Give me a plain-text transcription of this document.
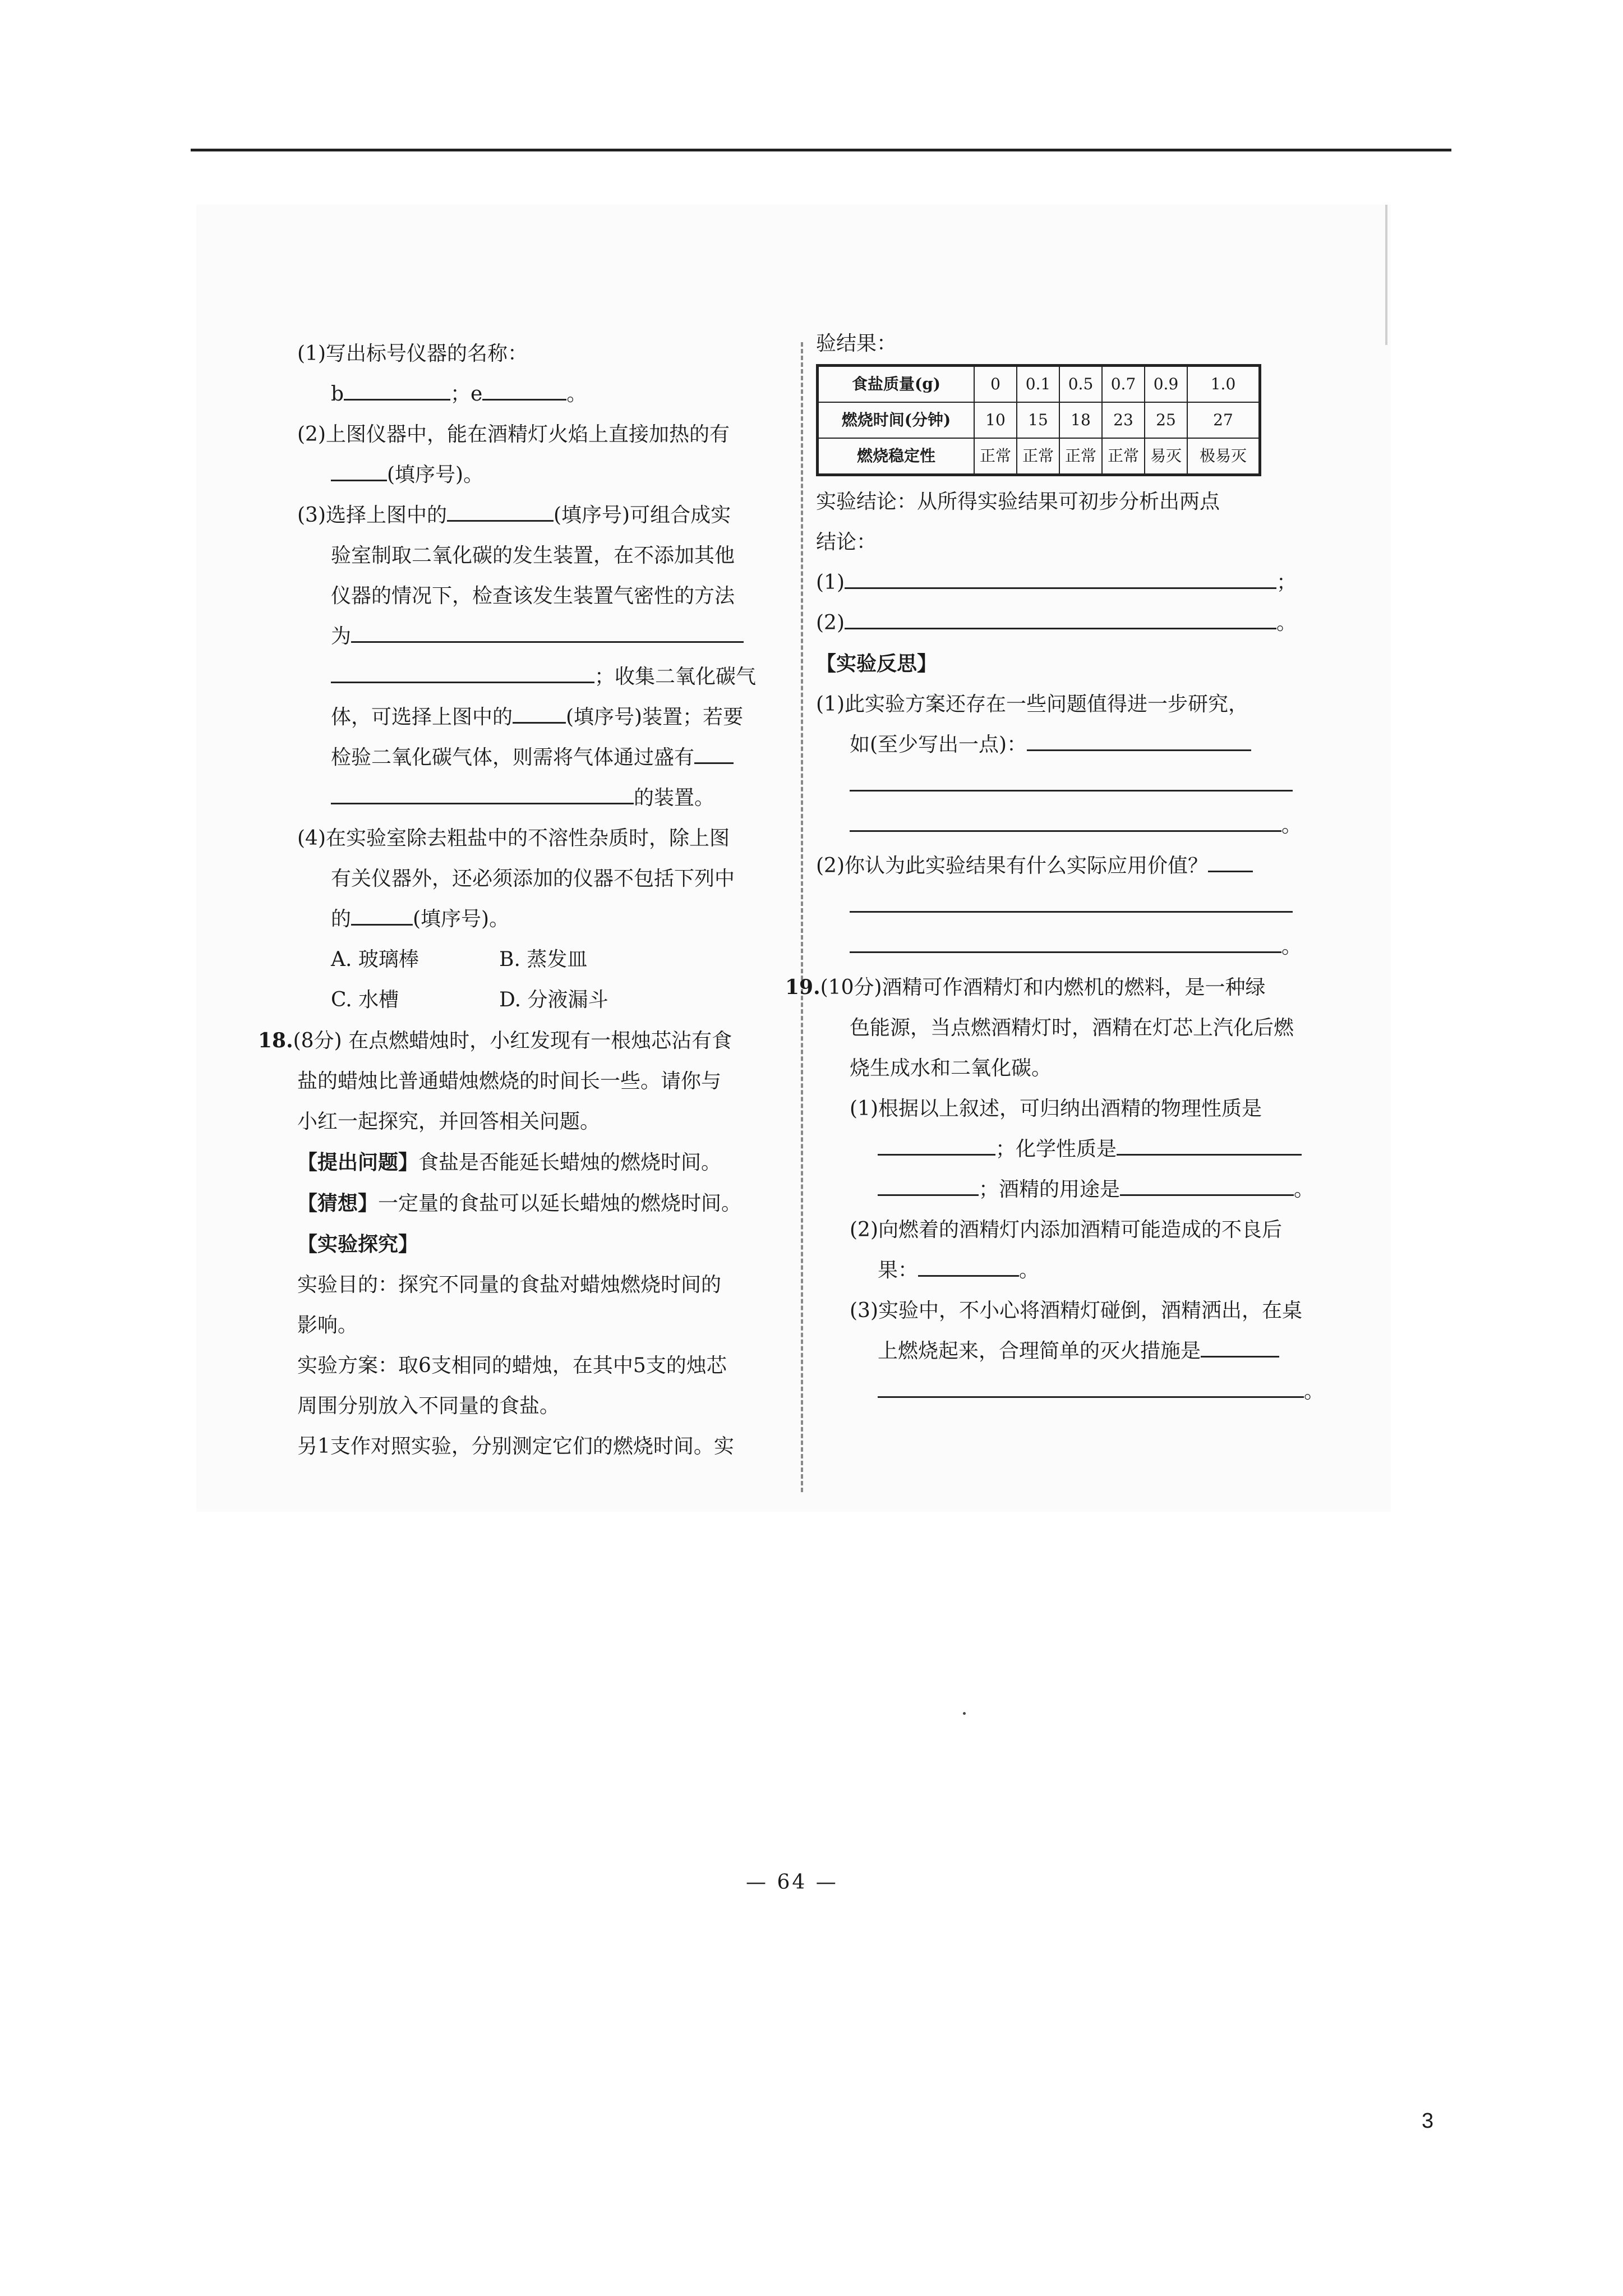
(1)写出标号仪器的名称：
b	；e	。
(2)上图仪器中，能在酒精灯火焰上直接加热的有
(填序号)。
(3)选择上图中的	(填序号)可组合成实
验室制取二氧化碳的发生装置，在不添加其他
仪器的情况下，检查该发生装置气密性的方法
为
；收集二氧化碳气
体，可选择上图中的	(填序号)装置；若要
检验二氧化碳气体，则需将气体通过盛有
的装置。
(4)在实验室除去粗盐中的不溶性杂质时，除上图
有关仪器外，还必须添加的仪器不包括下列中
的	(填序号)。
A. 玻璃棒	B. 蒸发皿
C. 水槽	D. 分液漏斗
18.(8分) 在点燃蜡烛时，小红发现有一根烛芯沾有食
盐的蜡烛比普通蜡烛燃烧的时间长一些。请你与
小红一起探究，并回答相关问题。
【提出问题】食盐是否能延长蜡烛的燃烧时间。
【猜想】一定量的食盐可以延长蜡烛的燃烧时间。
【实验探究】
实验目的：探究不同量的食盐对蜡烛燃烧时间的
影响。
实验方案：取6支相同的蜡烛，在其中5支的烛芯
周围分别放入不同量的食盐。
另1支作对照实验，分别测定它们的燃烧时间。实
验结果：
食盐质量(g)	0	0.1	0.5	0.7	0.9	1.0
燃烧时间(分钟)	10	15	18	23	25	27
燃烧稳定性	正常	正常	正常	正常	易灭	极易灭
实验结论：从所得实验结果可初步分析出两点
结论：
(1)	；
(2)	。
【实验反思】
(1)此实验方案还存在一些问题值得进一步研究，
如(至少写出一点)：
。
(2)你认为此实验结果有什么实际应用价值？
。
19.(10分)酒精可作酒精灯和内燃机的燃料，是一种绿
色能源，当点燃酒精灯时，酒精在灯芯上汽化后燃
烧生成水和二氧化碳。
(1)根据以上叙述，可归纳出酒精的物理性质是
；化学性质是
；酒精的用途是	。
(2)向燃着的酒精灯内添加酒精可能造成的不良后
果：	。
(3)实验中，不小心将酒精灯碰倒，酒精洒出，在桌
上燃烧起来，合理简单的灭火措施是
。
— 64 —
3
